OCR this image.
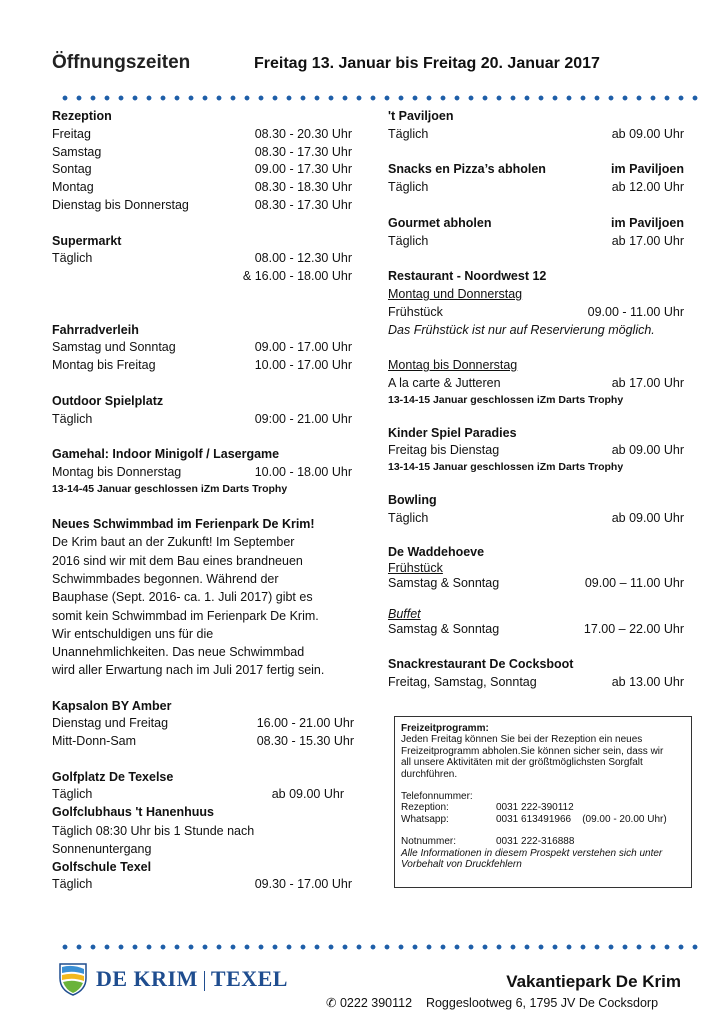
Öffnungszeiten	Freitag 13. Januar bis Freitag 20. Januar 2017
Rezeption
Freitag	08.30 - 20.30 Uhr
Samstag	08.30 - 17.30 Uhr
Sontag	09.00 - 17.30 Uhr
Montag	08.30 - 18.30 Uhr
Dienstag bis Donnerstag	08.30 - 17.30 Uhr
Supermarkt
Täglich	08.00 - 12.30 Uhr
& 16.00 - 18.00 Uhr
Fahrradverleih
Samstag und Sonntag	09.00 - 17.00 Uhr
Montag bis Freitag	10.00 - 17.00 Uhr
Outdoor Spielplatz
Täglich	09:00 - 21.00 Uhr
Gamehal: Indoor Minigolf / Lasergame
Montag bis Donnerstag	10.00 - 18.00 Uhr
13-14-45 Januar geschlossen iZm Darts Trophy
Neues Schwimmbad im Ferienpark De Krim!
De Krim baut an der Zukunft! Im September
2016 sind wir mit dem Bau eines brandneuen
Schwimmbades begonnen. Während der
Bauphase (Sept. 2016- ca. 1. Juli 2017) gibt es
somit kein Schwimmbad im Ferienpark De Krim.
Wir entschuldigen uns für die
Unannehmlichkeiten. Das neue Schwimmbad
wird aller Erwartung nach im Juli 2017 fertig sein.
Kapsalon BY Amber
Dienstag und Freitag	16.00 - 21.00 Uhr
Mitt-Donn-Sam	08.30 - 15.30 Uhr
Golfplatz De Texelse
Täglich	ab 09.00 Uhr
Golfclubhaus 't Hanenhuus
Täglich 08:30 Uhr bis 1 Stunde nach
Sonnenuntergang
Golfschule Texel
Täglich	09.30 - 17.00 Uhr
't Paviljoen
Täglich	ab 09.00 Uhr
Snacks en Pizza’s abholen	im Paviljoen
Täglich	ab 12.00 Uhr
Gourmet abholen	im Paviljoen
Täglich	ab 17.00 Uhr
Restaurant - Noordwest 12
Montag und Donnerstag
Frühstück	09.00 - 11.00 Uhr
Das Frühstück ist nur auf Reservierung möglich.
Montag bis Donnerstag
A la carte & Jutteren	ab 17.00 Uhr
13-14-15 Januar geschlossen iZm Darts Trophy
Kinder Spiel Paradies
Freitag bis Dienstag	ab 09.00 Uhr
13-14-15 Januar geschlossen iZm Darts Trophy
Bowling
Täglich	ab 09.00 Uhr
De Waddehoeve
Frühstück
Samstag & Sonntag	09.00 – 11.00 Uhr
Buffet
Samstag & Sonntag	17.00 – 22.00 Uhr
Snackrestaurant De Cocksboot
Freitag, Samstag, Sonntag	ab 13.00 Uhr
Freizeitprogramm:
Jeden Freitag können Sie bei der Rezeption ein neues
Freizeitprogramm abholen.Sie können sicher sein, dass wir
all unsere Aktivitäten mit der größtmöglichsten Sorgfalt
durchführen.
Telefonnummer:
Rezeption:	0031 222-390112
Whatsapp:	0031 613491966    (09.00 - 20.00 Uhr)
Notnummer:	0031 222-316888
Alle Informationen in diesem Prospekt verstehen sich unter
Vorbehalt von Druckfehlern
DE KRIM TEXEL	Vakantiepark De Krim
✆ 0222 390112 Roggeslootweg 6, 1795 JV De Cocksdorp
